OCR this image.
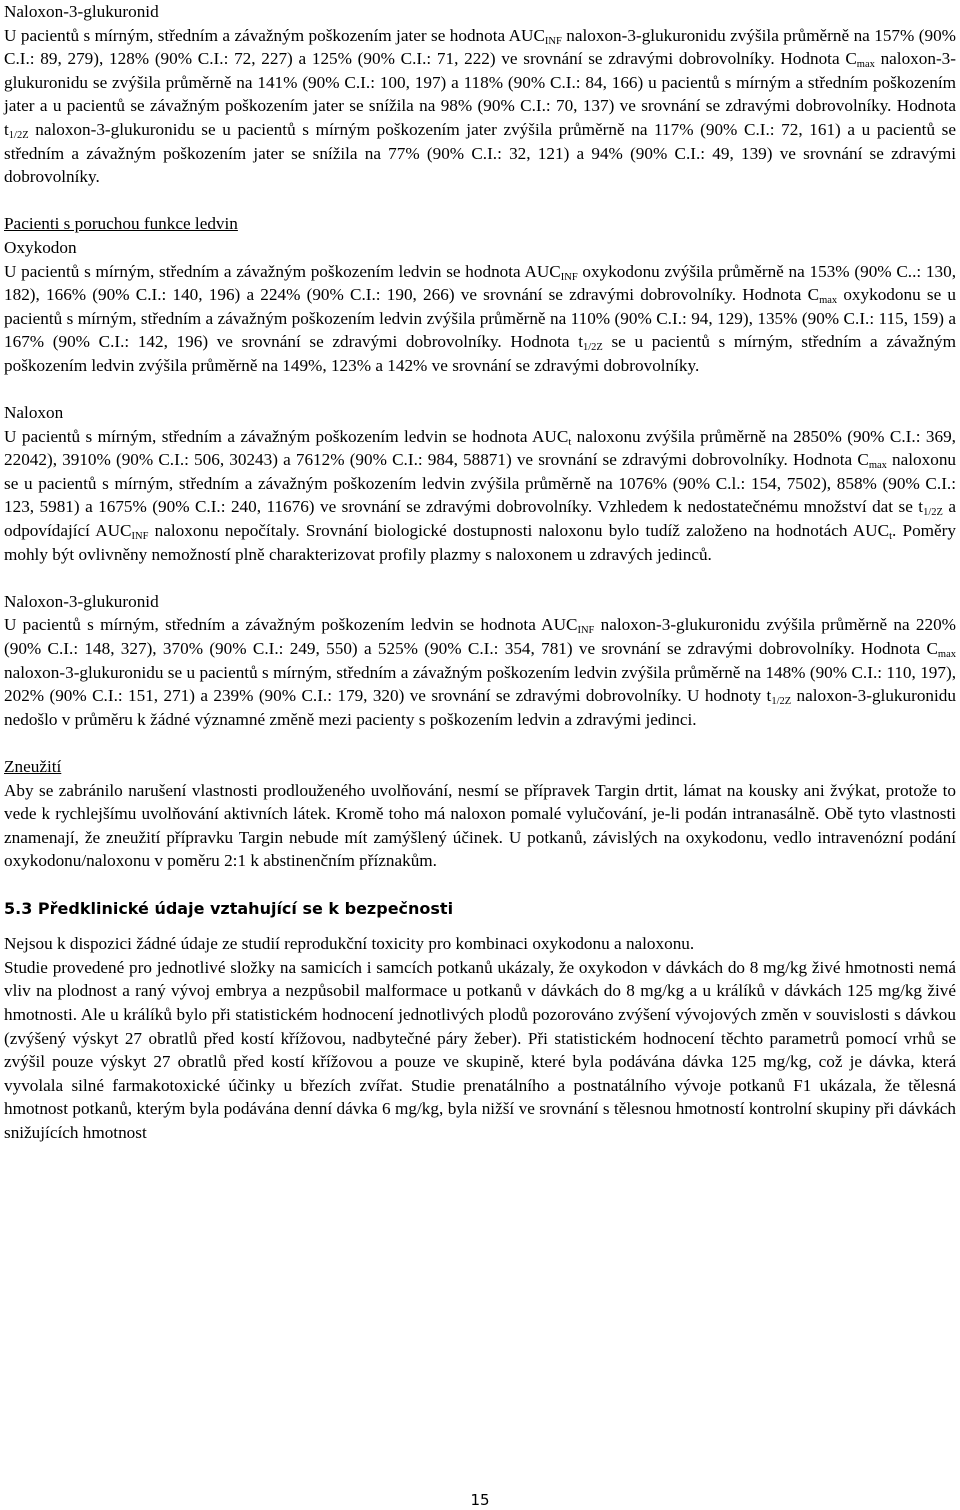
Naloxon-3-glukuronid

U pacientů s mírným, středním a závažným poškozením jater se hodnota $AUC_{INF}$ naloxon-3-glukuronidu zvýšila průměrně na 157% (90% C.I.: 89, 279), 128% (90% C.I.: 72, 227) a 125% (90% C.I.: 71, 222) ve srovnání se zdravými dobrovolníky. Hodnota $C_{max}$ naloxon-3-glukuronidu se zvýšila průměrně na 141% (90% C.I.: 100, 197) a 118% (90% C.I.: 84, 166) u pacientů s mírným a středním poškozením jater a u pacientů se závažným poškozením jater se snížila na 98% (90% C.I.: 70, 137) ve srovnání se zdravými dobrovolníky. Hodnota $t_{1/2Z}$ naloxon-3-glukuronidu se u pacientů s mírným poškozením jater zvýšila průměrně na 117% (90% C.I.: 72, 161) a u pacientů se středním a závažným poškozením jater se snížila na 77% (90% C.I.: 32, 121) a 94% (90% C.I.: 49, 139) ve srovnání se zdravými dobrovolníky.

Pacienti s poruchou funkce ledvin

Oxykodon

U pacientů s mírným, středním a závažným poškozením ledvin se hodnota $AUC_{INF}$ oxykodonu zvýšila průměrně na 153% (90% C..: 130, 182), 166% (90% C.I.: 140, 196) a 224% (90% C.I.: 190, 266) ve srovnání se zdravými dobrovolníky. Hodnota $C_{max}$ oxykodonu se u pacientů s mírným, středním a závažným poškozením ledvin zvýšila průměrně na 110% (90% C.I.: 94, 129), 135% (90% C.I.: 115, 159) a 167% (90% C.I.: 142, 196) ve srovnání se zdravými dobrovolníky. Hodnota $t_{1/2Z}$ se u pacientů s mírným, středním a závažným poškozením ledvin zvýšila průměrně na 149%, 123% a 142% ve srovnání se zdravými dobrovolníky.

Naloxon

U pacientů s mírným, středním a závažným poškozením ledvin se hodnota $AUC_t$ naloxonu zvýšila průměrně na 2850% (90% C.I.: 369, 22042), 3910% (90% C.I.: 506, 30243) a 7612% (90% C.I.: 984, 58871) ve srovnání se zdravými dobrovolníky. Hodnota $C_{max}$ naloxonu se u pacientů s mírným, středním a závažným poškozením ledvin zvýšila průměrně na 1076% (90% C.l.: 154, 7502), 858% (90% C.I.: 123, 5981) a 1675% (90% C.I.: 240, 11676) ve srovnání se zdravými dobrovolníky. Vzhledem k nedostatečnému množství dat se $t_{1/2Z}$ a odpovídající $AUC_{INF}$ naloxonu nepočítaly. Srovnání biologické dostupnosti naloxonu bylo tudíž založeno na hodnotách $AUC_t$. Poměry mohly být ovlivněny nemožností plně charakterizovat profily plazmy s naloxonem u zdravých jedinců.

Naloxon-3-glukuronid

U pacientů s mírným, středním a závažným poškozením ledvin se hodnota $AUC_{INF}$ naloxon-3-glukuronidu zvýšila průměrně na 220% (90% C.I.: 148, 327), 370% (90% C.I.: 249, 550) a 525% (90% C.I.: 354, 781) ve srovnání se zdravými dobrovolníky. Hodnota $C_{max}$ naloxon-3-glukuronidu se u pacientů s mírným, středním a závažným poškozením ledvin zvýšila průměrně na 148% (90% C.I.: 110, 197), 202% (90% C.I.: 151, 271) a 239% (90% C.I.: 179, 320) ve srovnání se zdravými dobrovolníky. U hodnoty $t_{1/2Z}$ naloxon-3-glukuronidu nedošlo v průměru k žádné významné změně mezi pacienty s poškozením ledvin a zdravými jedinci.

Zneužití

Aby se zabránilo narušení vlastnosti prodlouženého uvolňování, nesmí se přípravek Targin drtit, lámat na kousky ani žvýkat, protože to vede k rychlejšímu uvolňování aktivních látek. Kromě toho má naloxon pomalé vylučování, je-li podán intranasálně. Obě tyto vlastnosti znamenají, že zneužití přípravku Targin nebude mít zamýšlený účinek. U potkanů, závislých na oxykodonu, vedlo intravenózní podání oxykodonu/naloxonu v poměru 2:1 k abstinenčním příznakům.

5.3 Předklinické údaje vztahující se k bezpečnosti

Nejsou k dispozici žádné údaje ze studií reprodukční toxicity pro kombinaci oxykodonu a naloxonu.

Studie provedené pro jednotlivé složky na samicích i samcích potkanů ukázaly, že oxykodon v dávkách do 8 mg/kg živé hmotnosti nemá vliv na plodnost a raný vývoj embrya a nezpůsobil malformace u potkanů v dávkách do 8 mg/kg a u králíků v dávkách 125 mg/kg živé hmotnosti. Ale u králíků bylo při statistickém hodnocení jednotlivých plodů pozorováno zvýšení vývojových změn v souvislosti s dávkou (zvýšený výskyt 27 obratlů před kostí křížovou, nadbytečné páry žeber). Při statistickém hodnocení těchto parametrů pomocí vrhů se zvýšil pouze výskyt 27 obratlů před kostí křížovou a pouze ve skupině, které byla podávána dávka 125 mg/kg, což je dávka, která vyvolala silné farmakotoxické účinky u březích zvířat. Studie prenatálního a postnatálního vývoje potkanů F1 ukázala, že tělesná hmotnost potkanů, kterým byla podávána denní dávka 6 mg/kg, byla nižší ve srovnání s tělesnou hmotností kontrolní skupiny při dávkách snižujících hmotnost

15
